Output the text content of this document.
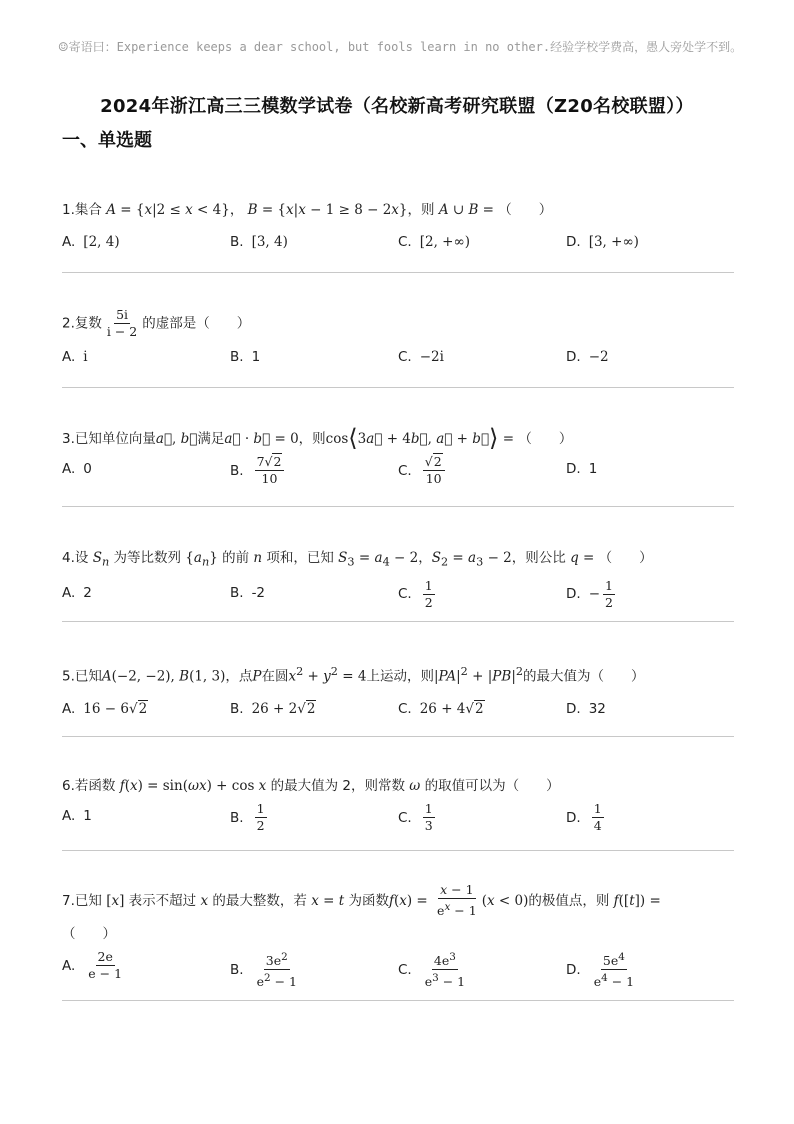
☺寄语曰：Experience keeps a dear school, but fools learn in no other.经验学校学费高，愚人旁处学不到。
2024年浙江高三三模数学试卷（名校新高考研究联盟（Z20名校联盟））
一、单选题
1.集合 A = {x|2 ≤ x < 4}， B = {x|x − 1 ≥ 8 − 2x}，则 A ∪ B = （　　）
A. [2, 4)	B. [3, 4)	C. [2, +∞)	D. [3, +∞)
2.复数 $\frac{5i}{i - 2}$ 的虚部是（　　）
A. i	B. 1	C. −2i	D. −2
3.已知单位向量a⃗, b⃗满足a⃗ · b⃗ = 0，则cos⟨3a⃗ + 4b⃗, a⃗ + b⃗⟩ = （　　）
A. 0	B. $\frac{7√2}{10}$	C. $\frac{√2}{10}$	D. 1
4.设 $S_n$ 为等比数列 $\{a_n\}$ 的前 n 项和，已知 $S_3 = a_4 - 2$，$S_2 = a_3 - 2$，则公比 q = （　　）
A. 2	B. -2	C. $\frac{1}{2}$	D. − $\frac{1}{2}$
5.已知A(−2, −2), B(1, 3)，点P在圆$x^2 + y^2 = 4$上运动，则$|PA|^2 + |PB|^2$的最大值为（　　）
A. 16 − 6√2	B. 26 + 2√2	C. 26 + 4√2	D. 32
6.若函数 f(x) = sin(ωx) + cos x 的最大值为 2，则常数 ω 的取值可以为（　　）
A. 1	B. $\frac{1}{2}$	C. $\frac{1}{3}$	D. $\frac{1}{4}$
7.已知 [x] 表示不超过 x 的最大整数，若 x = t 为函数$f(x) = \frac{x - 1}{e^x - 1} (x < 0)$的极值点，则 f([t]) =
（　　）
A. $\frac{2e}{e - 1}$	B. $\frac{3e^2}{e^2 - 1}$	C. $\frac{4e^3}{e^3 - 1}$	D. $\frac{5e^4}{e^4 - 1}$
